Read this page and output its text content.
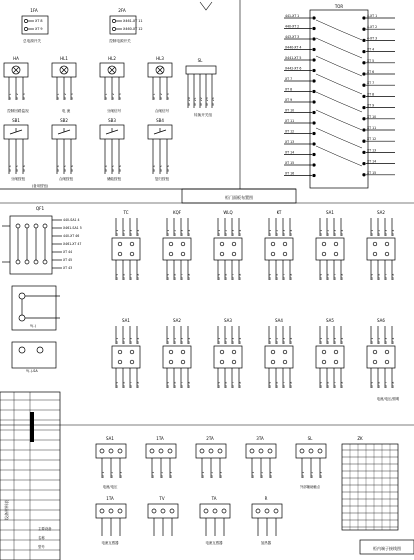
柜门面板布置图
1FA
XT 8
XT 9
总电源开关
2FA
X461-XT 11
X460-XT 12
控制电源开关
HA
XT 1 XT 2 XT 3
控制回路监视
HL1
XT 1 XT 2 XT 3
电 流
HL2
XT 1 XT 2 XT 3
分闸信号
HL3
XT 1 XT 2 XT 3
合闸信号
SB1
XT 4 XT 5 XT 6
分闸按钮
SB2
XT 4 XT 5 XT 6
合闸按钮
SB3
XT 4 XT 5 XT 6
储能按钮
SB4
XT 4 XT 5 XT 6
复归按钮
(备用按钮)
SL
XT 20 XT 21 XT 22 XT 23 XT 24
转换开关组
TOR
441-XT 1
440-XT 2
443-XT 3
X440-XT 4
X441-XT 5
X442-XT 6
XT 7
XT 8
XT 9
XT 10
XT 11
XT 12
XT 13
XT 14
XT 15
XT 16
4-XT 1
4-XT 2
4-XT 3
XT 4
XT 5
XT 6
XT 7
XT 8
XT 9
XT 10
XT 11
XT 12
XT 13
XT 14
XT 15
QF1
440-SA1 4
X461-SA1 5
440-XT 46
X461-XT 47
XT 44
XT 45
XT 43
Y(-)
Y(-)-SA
TC
XT 1 XT 2 XT 3 XT 4
XT 5 XT 6 XT 7 XT 8
KQF
XT 1 XT 2 XT 3 XT 4
XT 5 XT 6 XT 7 XT 8
WLQ
XT 1 XT 2 XT 3 XT 4
XT 5 XT 6 XT 7 XT 8
KT
XT 1 XT 2 XT 3 XT 4
XT 5 XT 6 XT 7 XT 8
SA1
XT 1 XT 2 XT 3 XT 4
XT 5 XT 6 XT 7 XT 8
SA2
XT 1 XT 2 XT 3 XT 4
XT 5 XT 6 XT 7 XT 8
SA1
XT 1 XT 2 XT 3 XT 4
XT 5 XT 6 XT 7 XT 8
SA2
XT 1 XT 2 XT 3 XT 4
XT 5 XT 6 XT 7 XT 8
SA3
XT 1 XT 2 XT 3 XT 4
XT 5 XT 6 XT 7 XT 8
SA4
XT 1 XT 2 XT 3 XT 4
XT 5 XT 6 XT 7 XT 8
SA5
XT 1 XT 2 XT 3 XT 4
XT 5 XT 6 XT 7 XT 8
SA6
XT 1 XT 2 XT 3 XT 4
XT 5 XT 6 XT 7 XT 8
电流/电压/照明
SA1
XT 1 XT 2 XT 3
电流/电压
1TA
XT 1 XT 2 XT 3
2TA
XT 1 XT 2 XT 3
3TA
XT 1 XT 2 XT 3
SL
XT 1 XT 2 XT 3
外部辅助触点
ZK
1TA
电流互感器
TV	TA
电流互感器
R
加热器
柜内端子接线图
设备材料表
主要设备
名称
型号
